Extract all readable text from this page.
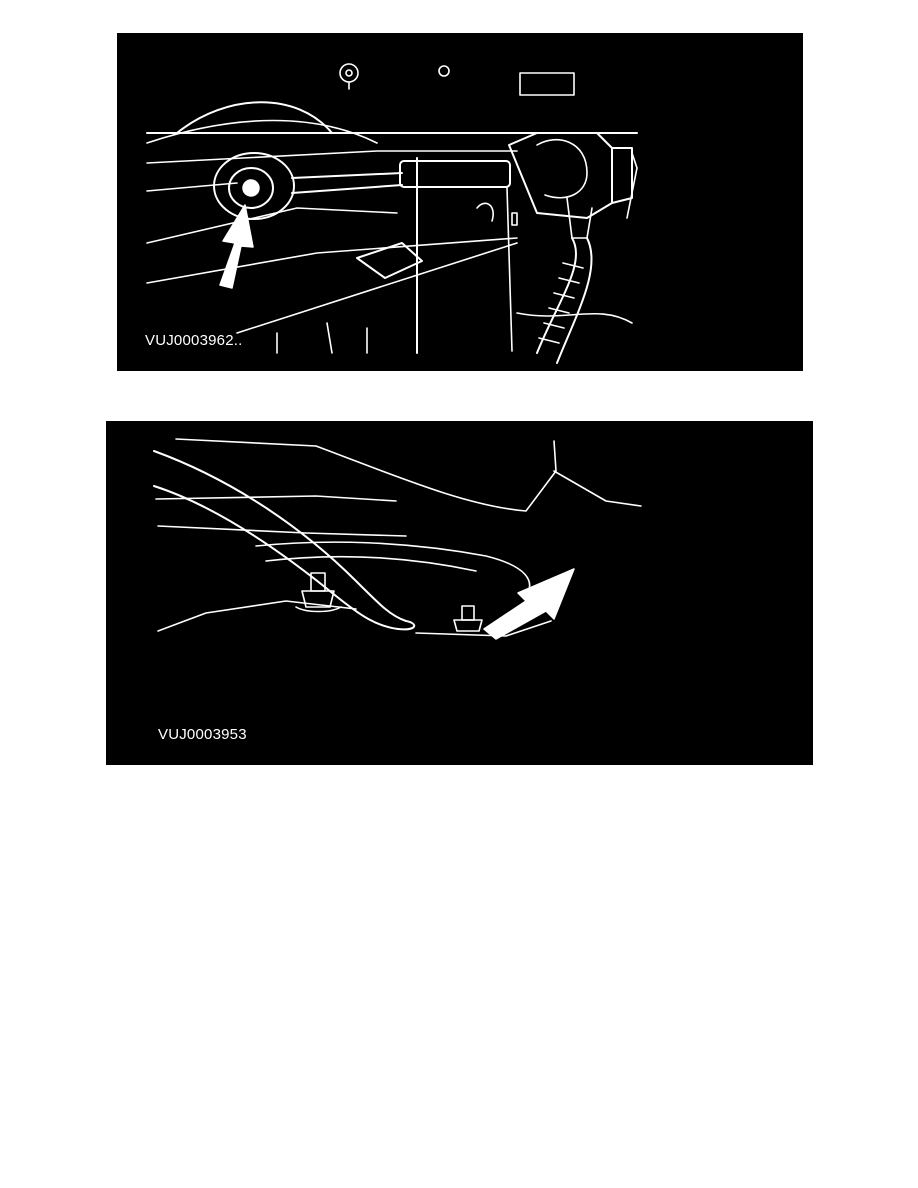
VUJ0003962..
VUJ0003953
